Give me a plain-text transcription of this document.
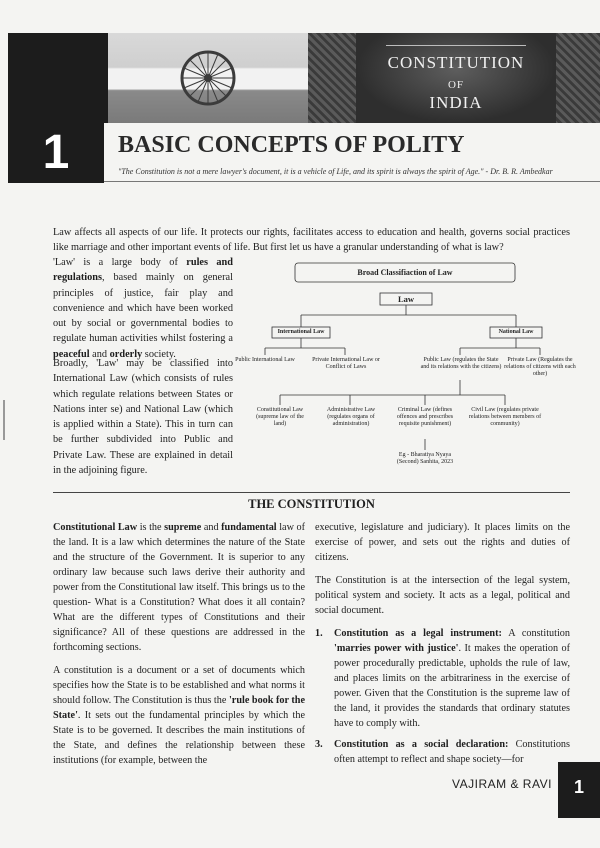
CONSTITUTION
OF
INDIA
1	BASIC CONCEPTS OF POLITY
"The Constitution is not a mere lawyer's document, it is a vehicle of Life, and its spirit is always the spirit of Age." - Dr. B. R. Ambedkar
Law affects all aspects of our life. It protects our rights, facilitates access to education and health, governs social practices like marriage and other important events of life. But first let us have a granular understanding of what is law?
'Law' is a large body of rules and regulations, based mainly on general principles of justice, fair play and convenience and which have been worked out by social or governmental bodies to regulate human activities whilst fostering a peaceful and orderly society.
Broadly, 'Law' may be classified into International Law (which consists of rules which regulate relations between States or Nations inter se) and National Law (which is applied within a State). This in turn can be further subdivided into Public and Private Law. These are explained in detail in the adjoining figure.
Broad Classifiaction of Law
Law
International Law	National Law
Public International Law	Private International Law or Conflict of Laws
Public Law (regulates the State and its relations with the citizens)
Private Law (Regulates the relations of citizens with each other)
Constitutional Law (supreme law of the land)
Administrative Law (regulates organs of administration)
Criminal Law (defines offences and prescribes requisite punishment)
Civil Law (regulates private relations between members of community)
Eg - Bharatiya Nyaya (Second) Sanhita, 2023
THE CONSTITUTION

Constitutional Law is the supreme and fundamental law of the land. It is a law which determines the nature of the State and the structure of the Government. It is superior to any ordinary law because such laws derive their authority and power from the Constitutional law itself. This brings us to the question- What is a Constitution? What does it all contain? What are the different types of Constitutions and their significance? All of these questions are addressed in the forthcoming sections.

A constitution is a document or a set of documents which specifies how the State is to be established and what norms it should follow. The Constitution is thus the 'rule book for the State'. It sets out the fundamental principles by which the State is to be governed. It describes the main institutions of the State, and defines the relationship between these institutions (for example, between the

executive, legislature and judiciary). It places limits on the exercise of power, and sets out the rights and duties of citizens.

The Constitution is at the intersection of the legal system, political system and society. It acts as a legal, political and social document.

1. Constitution as a legal instrument: A constitution 'marries power with justice'. It makes the operation of power procedurally predictable, upholds the rule of law, and places limits on the arbitrariness in the exercise of power. Given that the Constitution is the supreme law of the land, it provides the standards that ordinary statutes have to comply with.
3. Constitution as a social declaration: Constitutions often attempt to reflect and shape society—for
VAJIRAM & RAVI	1
